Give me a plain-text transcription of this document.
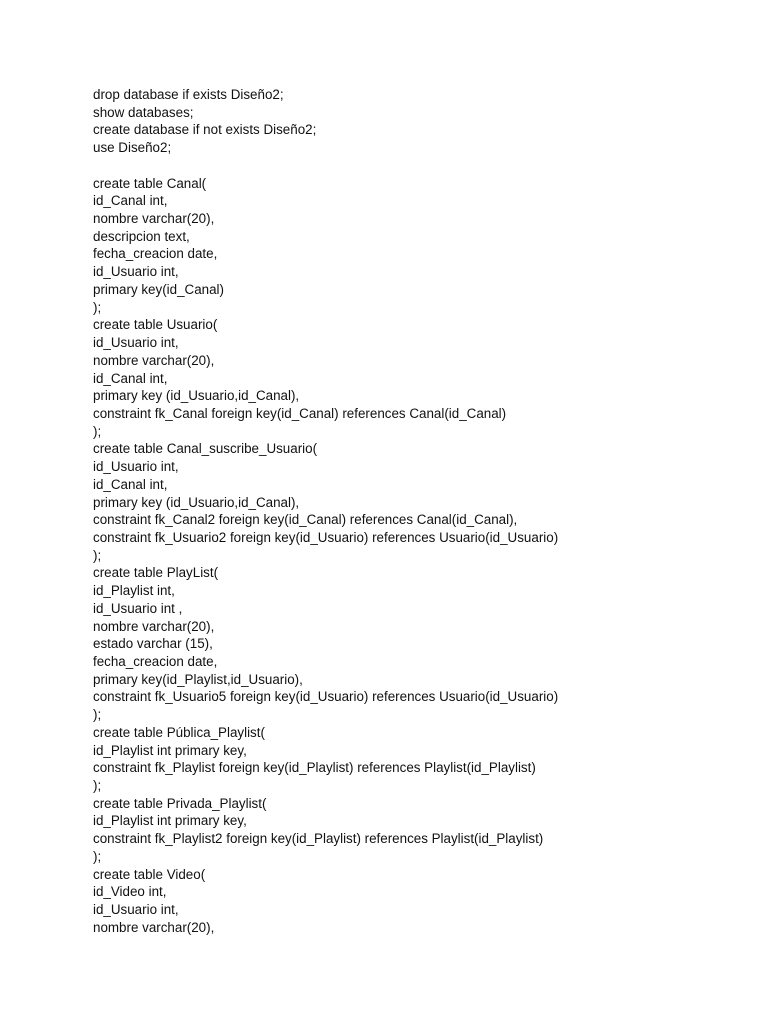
drop database if exists Diseño2;
show databases;
create database if not exists Diseño2;
use Diseño2;
create table Canal(
id_Canal int,
nombre varchar(20),
descripcion text,
fecha_creacion date,
id_Usuario int,
primary key(id_Canal)
);
create table Usuario(
id_Usuario int,
nombre varchar(20),
id_Canal int,
primary key (id_Usuario,id_Canal),
constraint fk_Canal foreign key(id_Canal) references Canal(id_Canal)
);
create table Canal_suscribe_Usuario(
id_Usuario int,
id_Canal int,
primary key (id_Usuario,id_Canal),
constraint fk_Canal2 foreign key(id_Canal) references Canal(id_Canal),
constraint fk_Usuario2 foreign key(id_Usuario) references Usuario(id_Usuario)
);
create table PlayList(
id_Playlist int,
id_Usuario int ,
nombre varchar(20),
estado varchar (15),
fecha_creacion date,
primary key(id_Playlist,id_Usuario),
constraint fk_Usuario5 foreign key(id_Usuario) references Usuario(id_Usuario)
);
create table Pública_Playlist(
id_Playlist int primary key,
constraint fk_Playlist foreign key(id_Playlist) references Playlist(id_Playlist)
);
create table Privada_Playlist(
id_Playlist int primary key,
constraint fk_Playlist2 foreign key(id_Playlist) references Playlist(id_Playlist)
);
create table Video(
id_Video int,
id_Usuario int,
nombre varchar(20),
